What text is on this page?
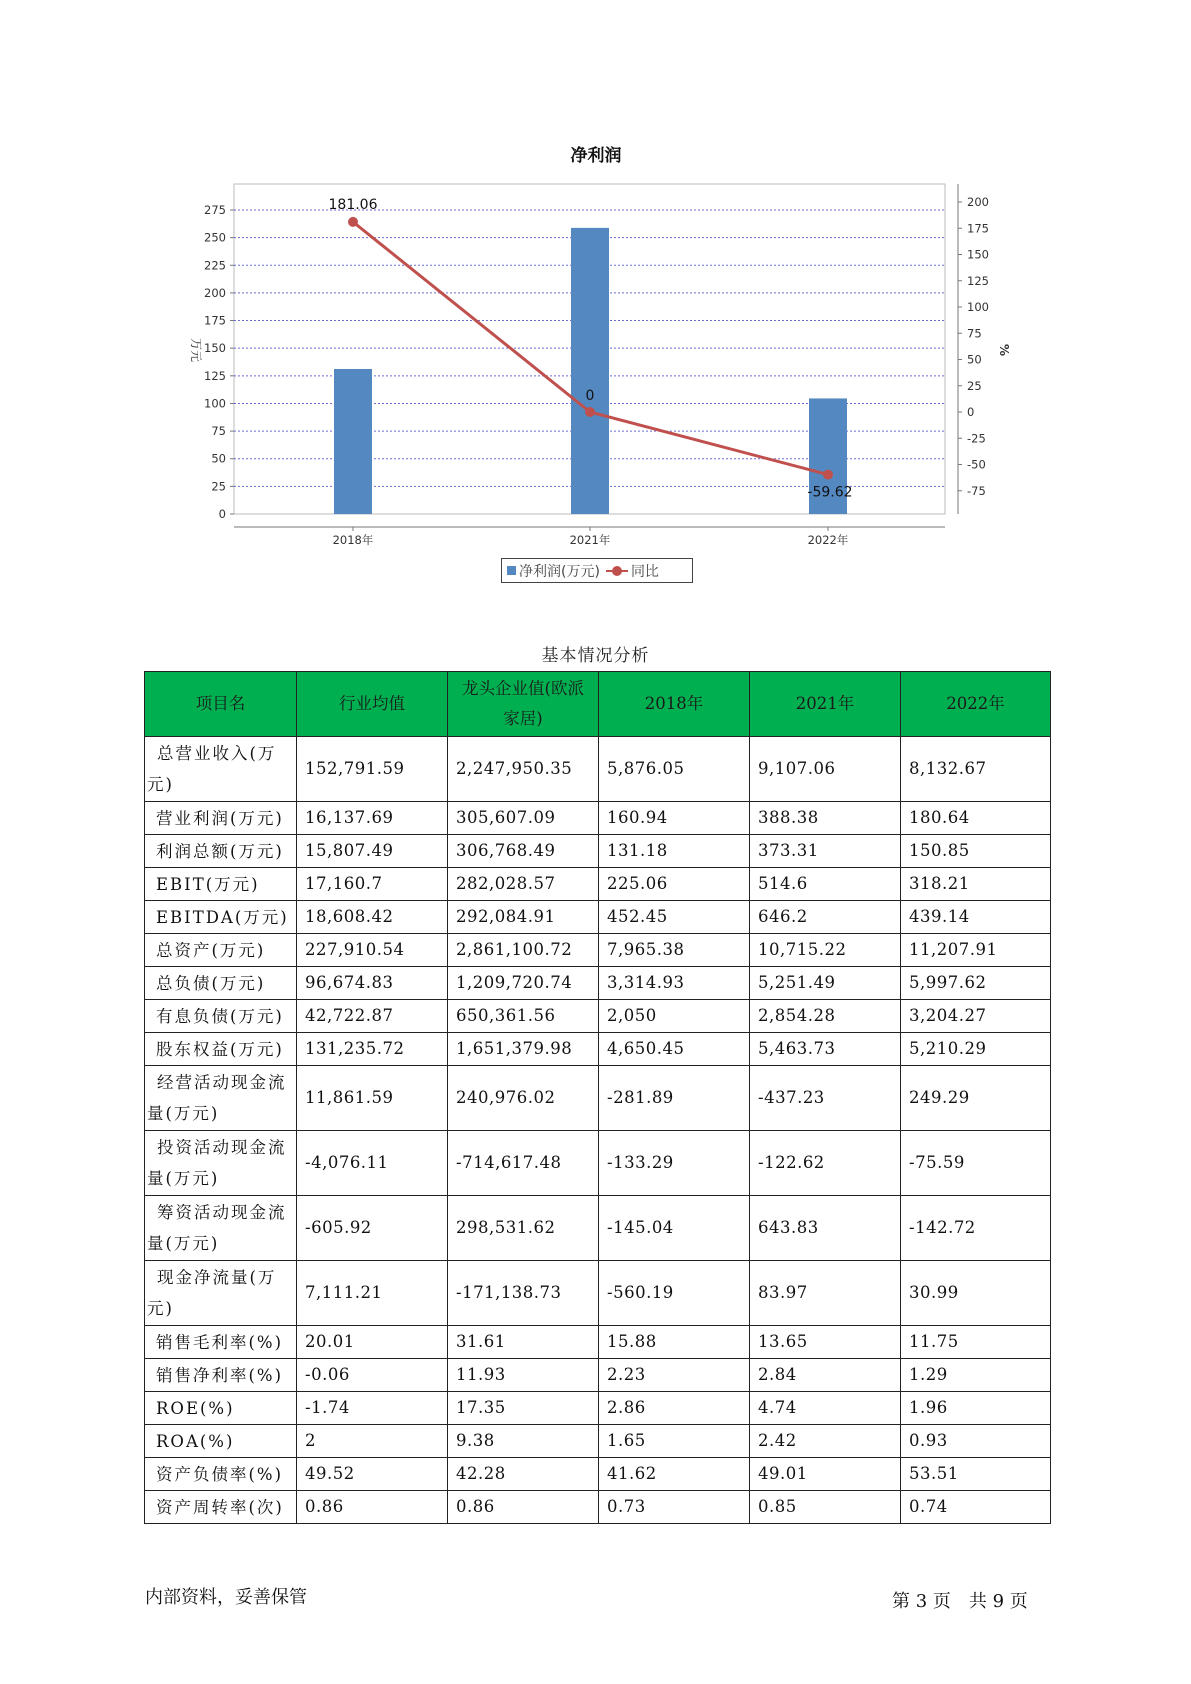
净利润
0
25
50
75
100
125
150
175
200
225
250
275
-75
-50
-25
0
25
50
75
100
125
150
175
200
2018年	2021年	2022年
万元	%
181.06
0
-59.62
净利润(万元) 同比
基本情况分析
项目名	行业均值	龙头企业值(欧派家居)	2018年	2021年	2022年
总营业收入(万元)	152,791.59	2,247,950.35	5,876.05	9,107.06	8,132.67
营业利润(万元)	16,137.69	305,607.09	160.94	388.38	180.64
利润总额(万元)	15,807.49	306,768.49	131.18	373.31	150.85
EBIT(万元)	17,160.7	282,028.57	225.06	514.6	318.21
EBITDA(万元)	18,608.42	292,084.91	452.45	646.2	439.14
总资产(万元)	227,910.54	2,861,100.72	7,965.38	10,715.22	11,207.91
总负债(万元)	96,674.83	1,209,720.74	3,314.93	5,251.49	5,997.62
有息负债(万元)	42,722.87	650,361.56	2,050	2,854.28	3,204.27
股东权益(万元)	131,235.72	1,651,379.98	4,650.45	5,463.73	5,210.29
经营活动现金流量(万元)	11,861.59	240,976.02	-281.89	-437.23	249.29
投资活动现金流量(万元)	-4,076.11	-714,617.48	-133.29	-122.62	-75.59
筹资活动现金流量(万元)	-605.92	298,531.62	-145.04	643.83	-142.72
现金净流量(万元)	7,111.21	-171,138.73	-560.19	83.97	30.99
销售毛利率(%)	20.01	31.61	15.88	13.65	11.75
销售净利率(%)	-0.06	11.93	2.23	2.84	1.29
ROE(%)	-1.74	17.35	2.86	4.74	1.96
ROA(%)	2	9.38	1.65	2.42	0.93
资产负债率(%)	49.52	42.28	41.62	49.01	53.51
资产周转率(次)	0.86	0.86	0.73	0.85	0.74
内部资料，妥善保管	第 3 页　共 9 页
